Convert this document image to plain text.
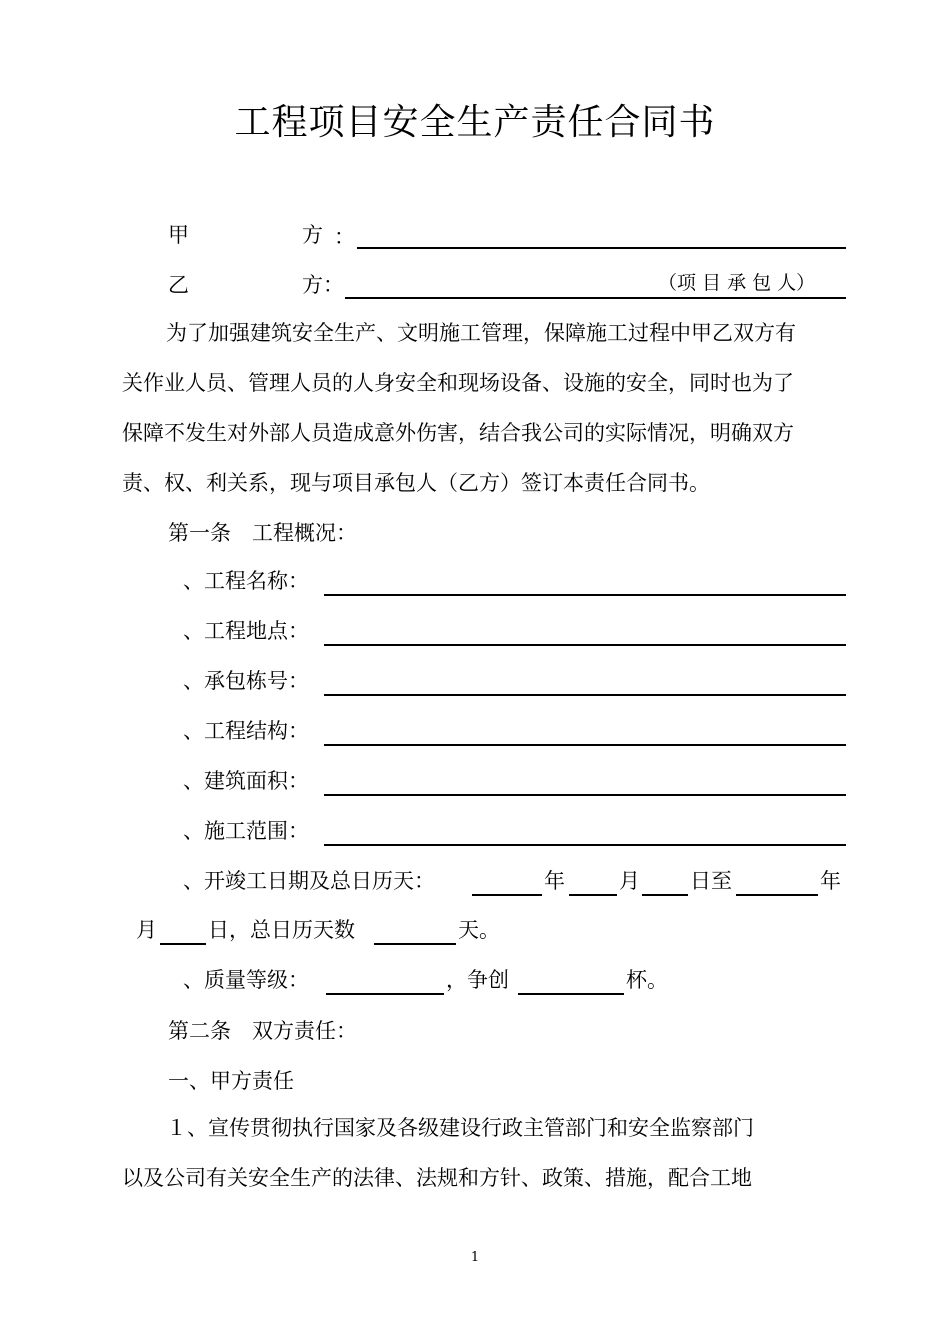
工程项目安全生产责任合同书
甲	方 ：
乙	方：	（项 目 承 包 人）

为了加强建筑安全生产、文明施工管理，保障施工过程中甲乙双方有

关作业人员、管理人员的人身安全和现场设备、设施的安全，同时也为了

保障不发生对外部人员造成意外伤害，结合我公司的实际情况，明确双方

责、权、利关系，现与项目承包人（乙方）签订本责任合同书。

第一条　工程概况：
、工程名称：
、工程地点：
、承包栋号：
、工程结构：
、建筑面积：
、施工范围：
、开竣工日期及总日历天：	年	月 日至	年
月 日，总日历天数	天。
、质量等级：	，争创	杯。
第二条　双方责任：
一、甲方责任

１、宣传贯彻执行国家及各级建设行政主管部门和安全监察部门

以及公司有关安全生产的法律、法规和方针、政策、措施，配合工地

1
